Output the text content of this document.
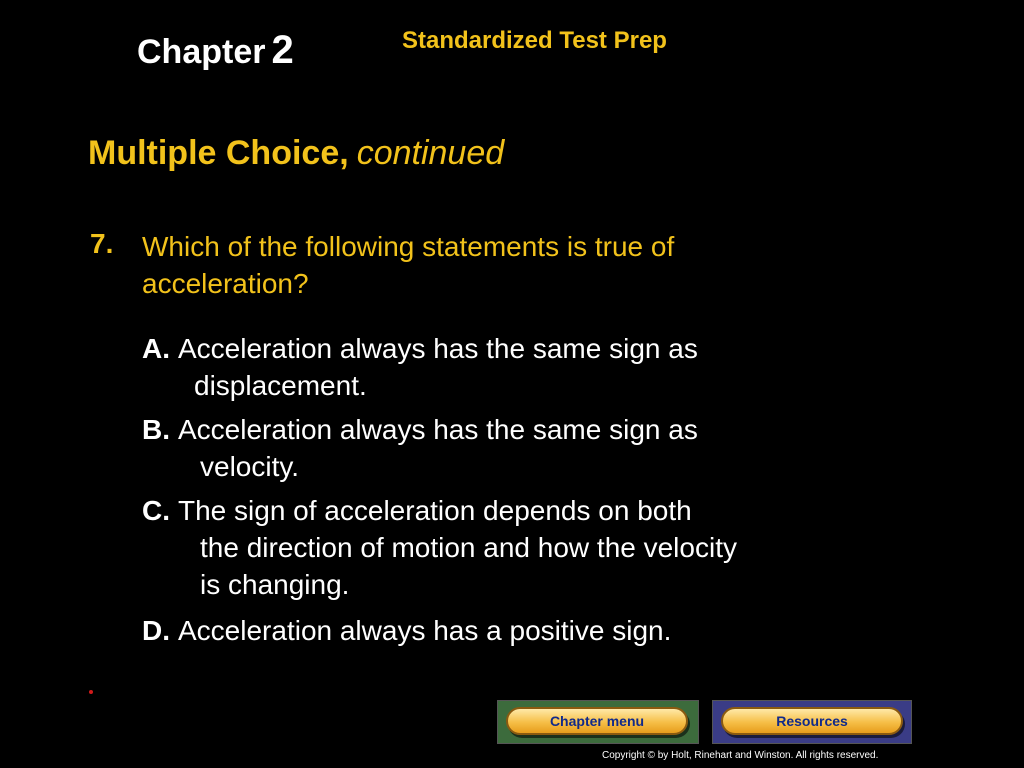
Chapter 2	Standardized Test Prep
Multiple Choice, continued
7. Which of the following statements is true of acceleration?
A. Acceleration always has the same sign as
displacement.
B. Acceleration always has the same sign as
velocity.
C. The sign of acceleration depends on both
the direction of motion and how the velocity
is changing.
D. Acceleration always has a positive sign.
Chapter menu	Resources
Copyright © by Holt, Rinehart and Winston. All rights reserved.
